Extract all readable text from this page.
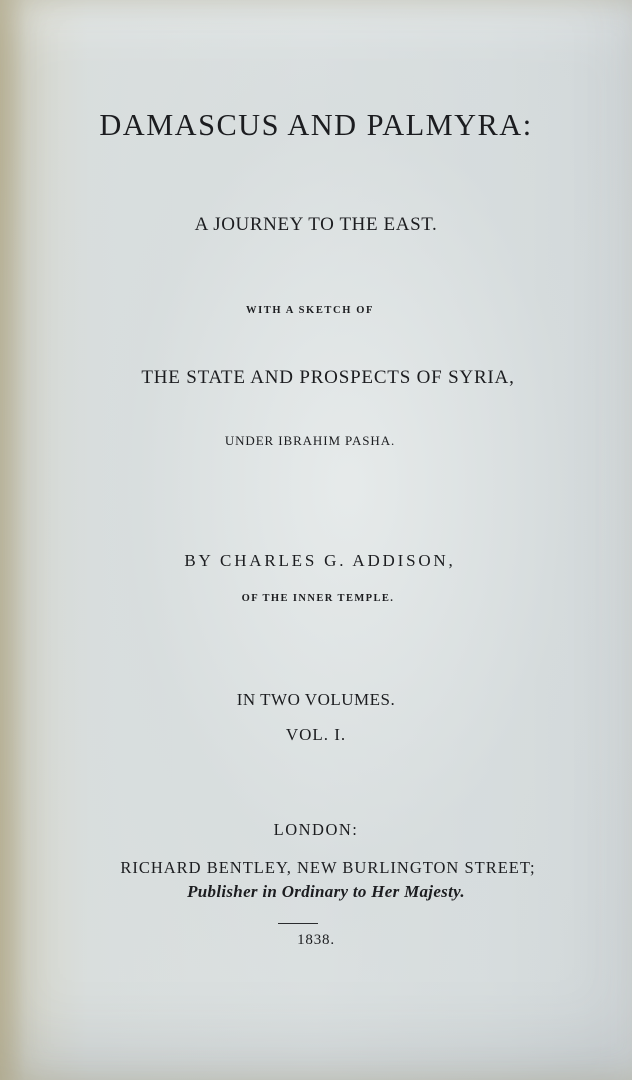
DAMASCUS AND PALMYRA:
A JOURNEY TO THE EAST.
WITH A SKETCH OF
THE STATE AND PROSPECTS OF SYRIA,
UNDER IBRAHIM PASHA.
BY CHARLES G. ADDISON,
OF THE INNER TEMPLE.
IN TWO VOLUMES.
VOL. I.
LONDON:
RICHARD BENTLEY, NEW BURLINGTON STREET;
Publisher in Ordinary to Her Majesty.
1838.
